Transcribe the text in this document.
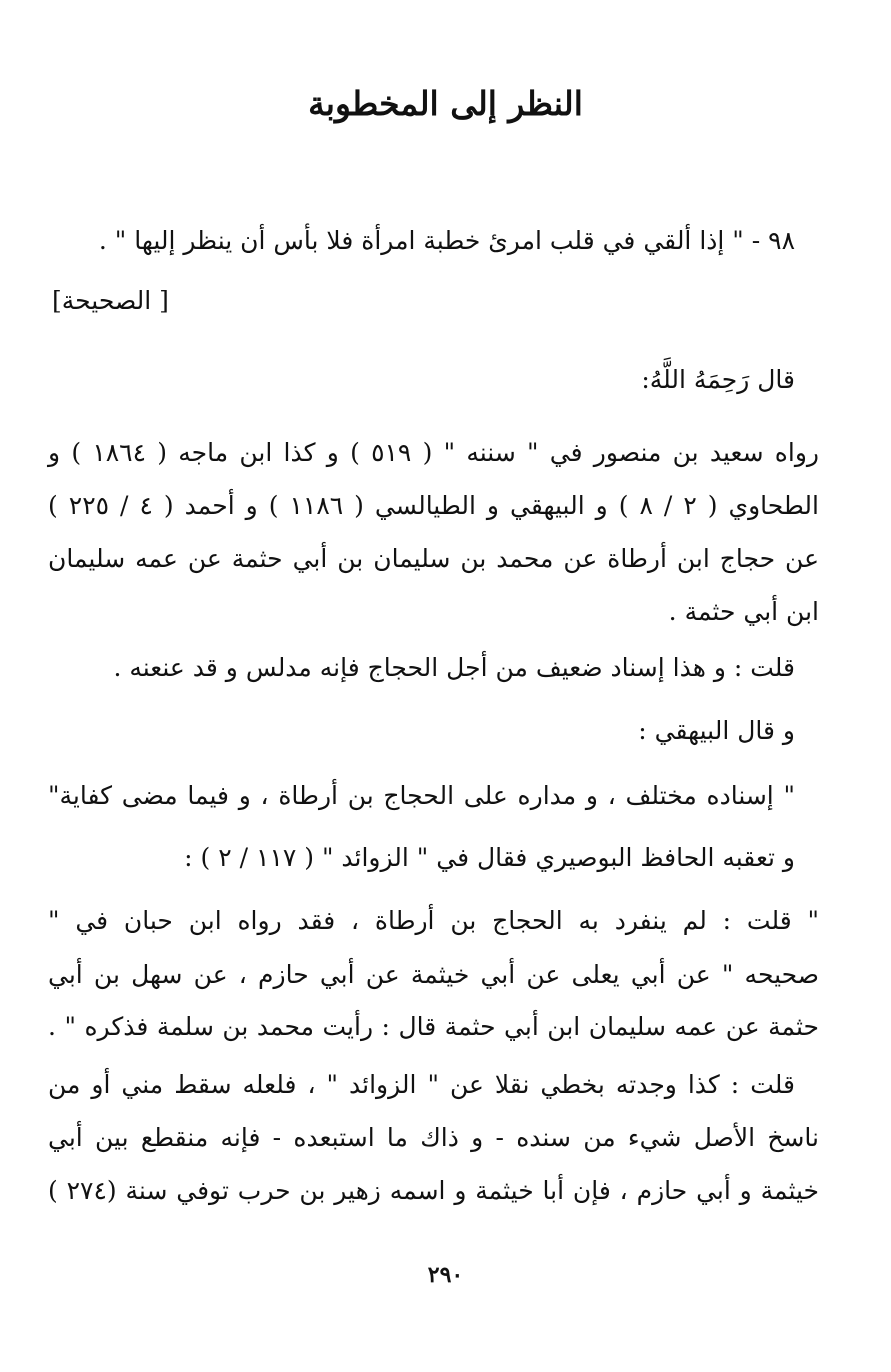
النظر إلى المخطوبة

٩٨ - " إذا ألقي في قلب امرئ خطبة امرأة فلا بأس أن ينظر إليها " .

[ الصحيحة]

قال رَحِمَهُ اللَّهُ:

رواه سعيد بن منصور في " سننه " ( ٥١٩ ) و كذا ابن ماجه ( ١٨٦٤ ) و

الطحاوي ( ٢ / ٨ ) و البيهقي و الطيالسي ( ١١٨٦ ) و أحمد ( ٤ / ٢٢٥ )

عن حجاج ابن أرطاة عن محمد بن سليمان بن أبي حثمة عن عمه سليمان

ابن أبي حثمة .

قلت : و هذا إسناد ضعيف من أجل الحجاج فإنه مدلس و قد عنعنه .

و قال البيهقي :

" إسناده مختلف ، و مداره على الحجاج بن أرطاة ، و فيما مضى كفاية"

و تعقبه الحافظ البوصيري فقال في " الزوائد " ( ١١٧ / ٢ ) :

" قلت : لم ينفرد به الحجاج بن أرطاة ، فقد رواه ابن حبان في "

صحيحه " عن أبي يعلى عن أبي خيثمة عن أبي حازم ، عن سهل بن أبي

حثمة عن عمه سليمان ابن أبي حثمة قال : رأيت محمد بن سلمة فذكره " .

قلت : كذا وجدته بخطي نقلا عن " الزوائد " ، فلعله سقط مني أو من

ناسخ الأصل شيء من سنده - و ذاك ما استبعده - فإنه منقطع بين أبي

خيثمة و أبي حازم ، فإن أبا خيثمة و اسمه زهير بن حرب توفي سنة (٢٧٤ )

٢٩٠
